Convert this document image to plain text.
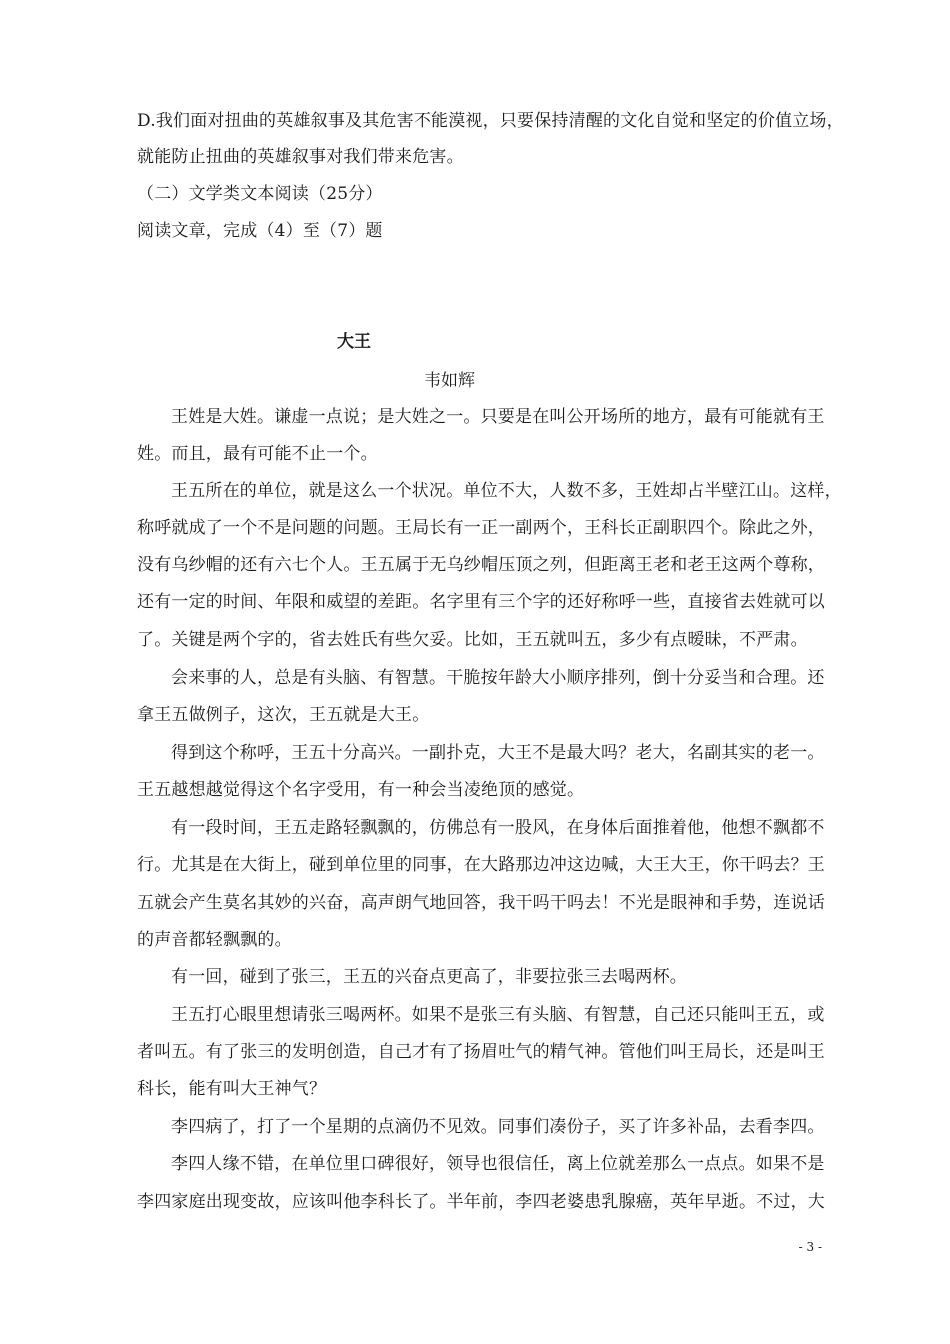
D.我们面对扭曲的英雄叙事及其危害不能漠视，只要保持清醒的文化自觉和坚定的价值立场，
就能防止扭曲的英雄叙事对我们带来危害。
（二）文学类文本阅读（25分）
阅读文章，完成（4）至（7）题
大王
韦如辉
王姓是大姓。谦虚一点说；是大姓之一。只要是在叫公开场所的地方，最有可能就有王
姓。而且，最有可能不止一个。
王五所在的单位，就是这么一个状况。单位不大，人数不多，王姓却占半壁江山。这样，
称呼就成了一个不是问题的问题。王局长有一正一副两个，王科长正副职四个。除此之外，
没有乌纱帽的还有六七个人。王五属于无乌纱帽压顶之列，但距离王老和老王这两个尊称，
还有一定的时间、年限和威望的差距。名字里有三个字的还好称呼一些，直接省去姓就可以
了。关键是两个字的，省去姓氏有些欠妥。比如，王五就叫五，多少有点暧昧，不严肃。
会来事的人，总是有头脑、有智慧。干脆按年龄大小顺序排列，倒十分妥当和合理。还
拿王五做例子，这次，王五就是大王。
得到这个称呼，王五十分高兴。一副扑克，大王不是最大吗？老大，名副其实的老一。
王五越想越觉得这个名字受用，有一种会当凌绝顶的感觉。
有一段时间，王五走路轻飘飘的，仿佛总有一股风，在身体后面推着他，他想不飘都不
行。尤其是在大街上，碰到单位里的同事，在大路那边冲这边喊，大王大王，你干吗去？王
五就会产生莫名其妙的兴奋，高声朗气地回答，我干吗干吗去！不光是眼神和手势，连说话
的声音都轻飘飘的。
有一回，碰到了张三，王五的兴奋点更高了，非要拉张三去喝两杯。
王五打心眼里想请张三喝两杯。如果不是张三有头脑、有智慧，自己还只能叫王五，或
者叫五。有了张三的发明创造，自己才有了扬眉吐气的精气神。管他们叫王局长，还是叫王
科长，能有叫大王神气？
李四病了，打了一个星期的点滴仍不见效。同事们凑份子，买了许多补品，去看李四。
李四人缘不错，在单位里口碑很好，领导也很信任，离上位就差那么一点点。如果不是
李四家庭出现变故，应该叫他李科长了。半年前，李四老婆患乳腺癌，英年早逝。不过，大
- 3 -
